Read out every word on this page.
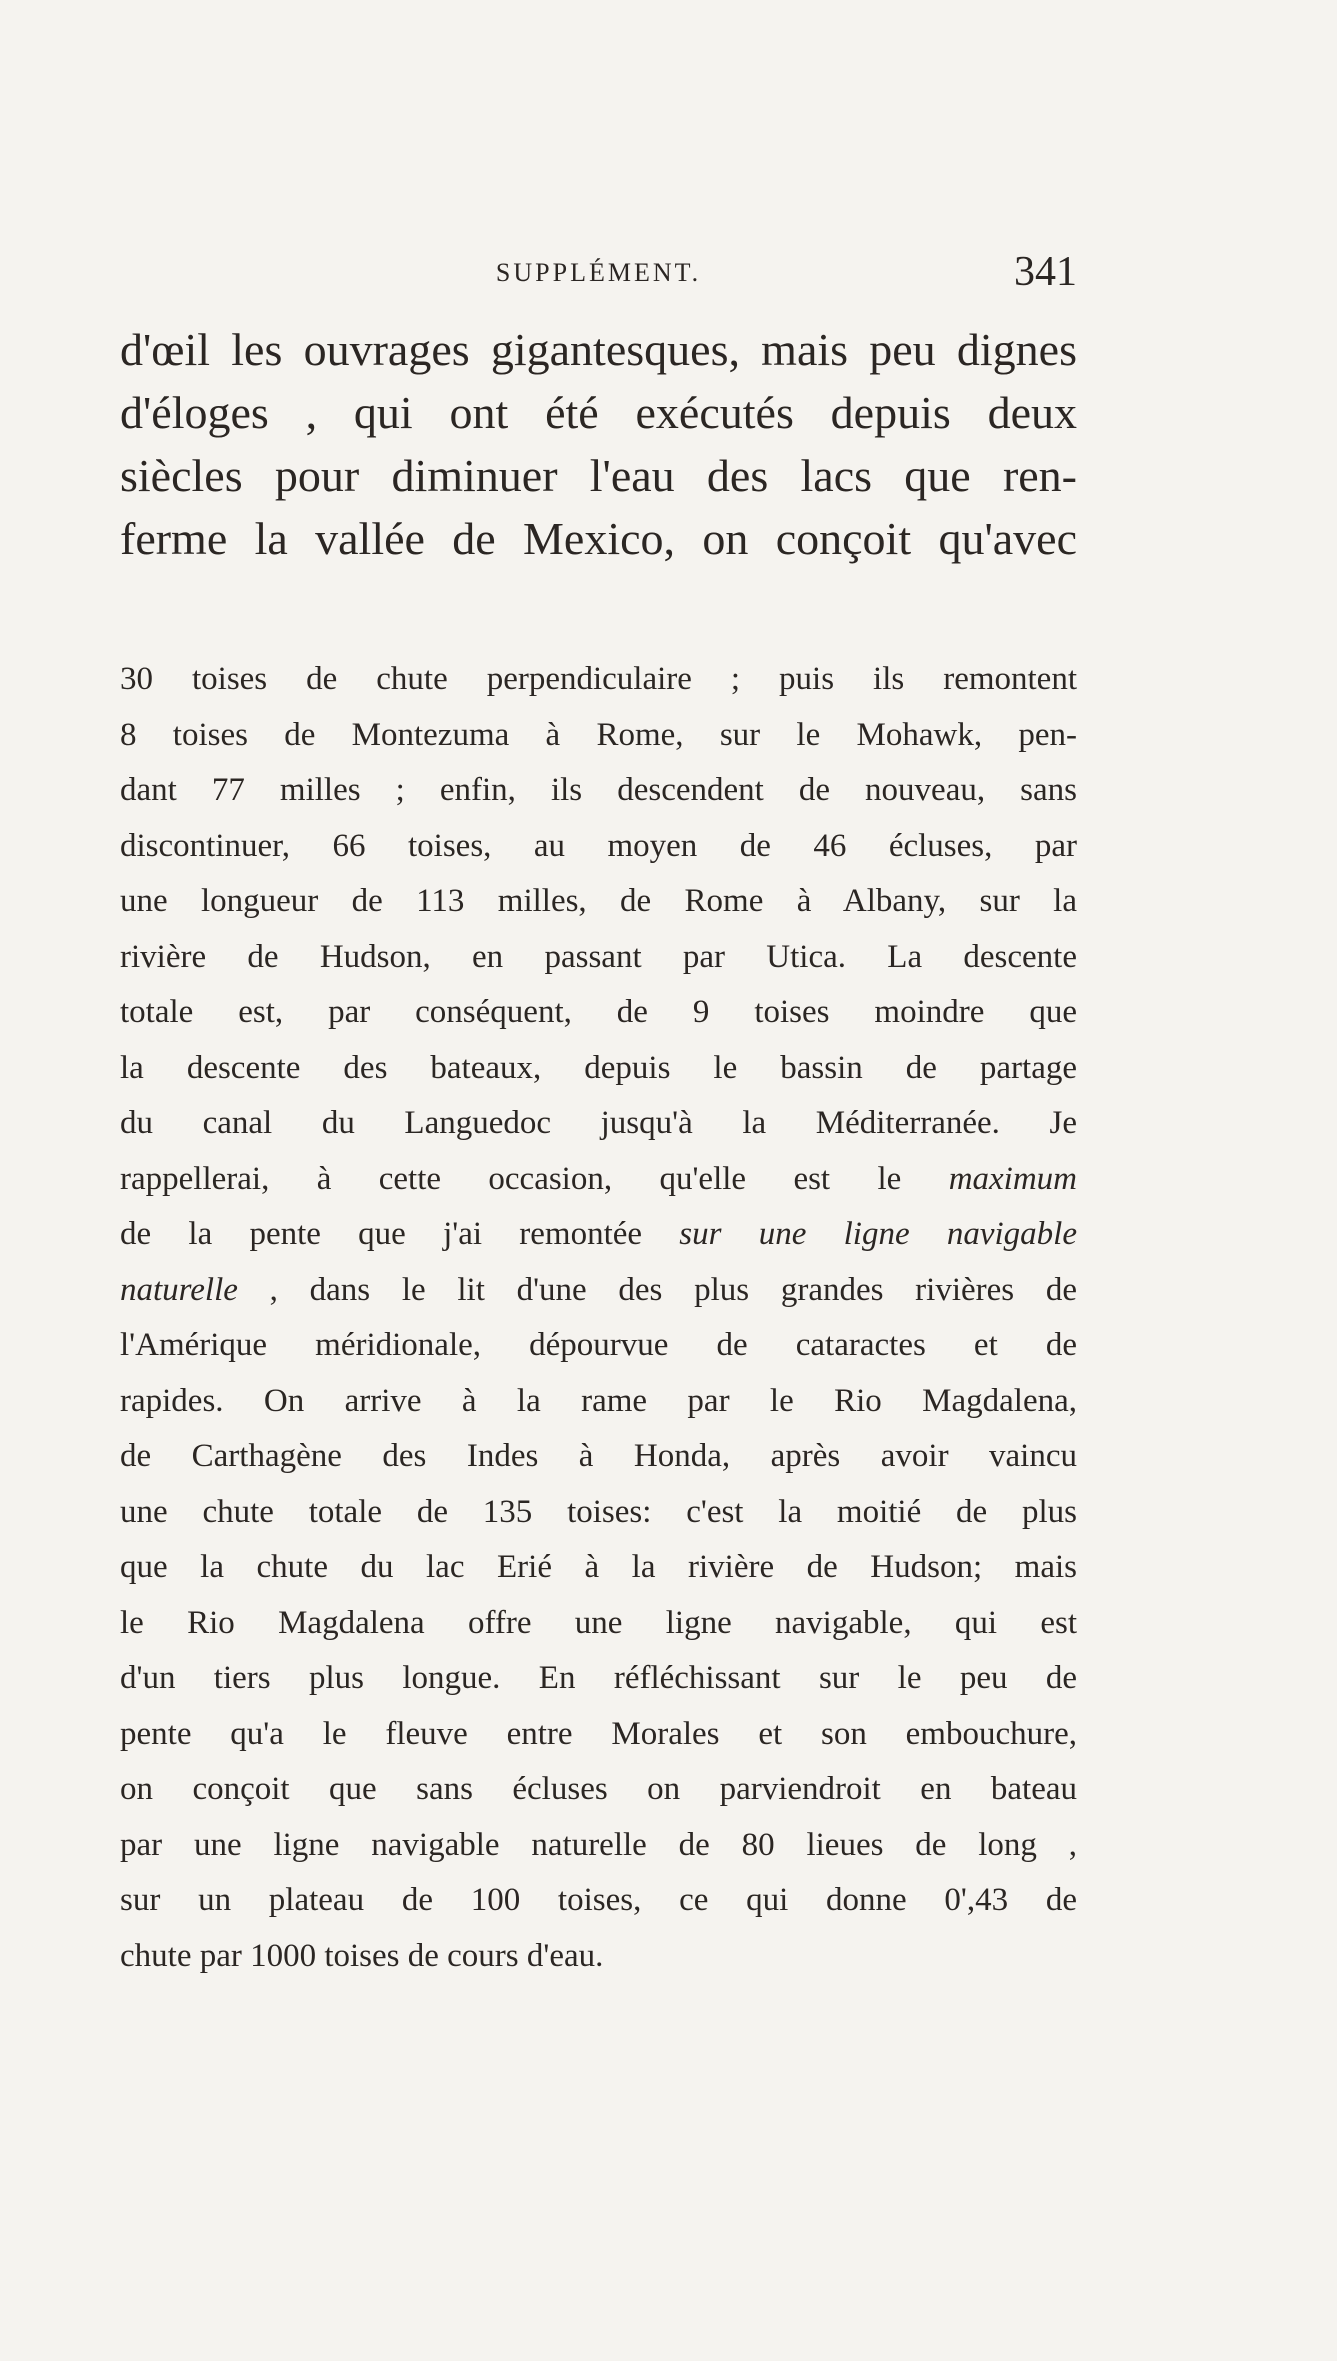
SUPPLÉMENT.	341
d'œil les ouvrages gigantesques, mais peu dignes
d'éloges , qui ont été exécutés depuis deux
siècles pour diminuer l'eau des lacs que ren-
ferme la vallée de Mexico, on conçoit qu'avec
30 toises de chute perpendiculaire ; puis ils remontent
8 toises de Montezuma à Rome, sur le Mohawk, pen-
dant 77 milles ; enfin, ils descendent de nouveau, sans
discontinuer, 66 toises, au moyen de 46 écluses, par
une longueur de 113 milles, de Rome à Albany, sur la
rivière de Hudson, en passant par Utica. La descente
totale est, par conséquent, de 9 toises moindre que
la descente des bateaux, depuis le bassin de partage
du canal du Languedoc jusqu'à la Méditerranée. Je
rappellerai, à cette occasion, qu'elle est le maximum
de la pente que j'ai remontée sur une ligne navigable
naturelle , dans le lit d'une des plus grandes rivières de
l'Amérique méridionale, dépourvue de cataractes et de
rapides. On arrive à la rame par le Rio Magdalena,
de Carthagène des Indes à Honda, après avoir vaincu
une chute totale de 135 toises: c'est la moitié de plus
que la chute du lac Erié à la rivière de Hudson; mais
le Rio Magdalena offre une ligne navigable, qui est
d'un tiers plus longue. En réfléchissant sur le peu de
pente qu'a le fleuve entre Morales et son embouchure,
on conçoit que sans écluses on parviendroit en bateau
par une ligne navigable naturelle de 80 lieues de long ,
sur un plateau de 100 toises, ce qui donne 0',43 de
chute par 1000 toises de cours d'eau.
